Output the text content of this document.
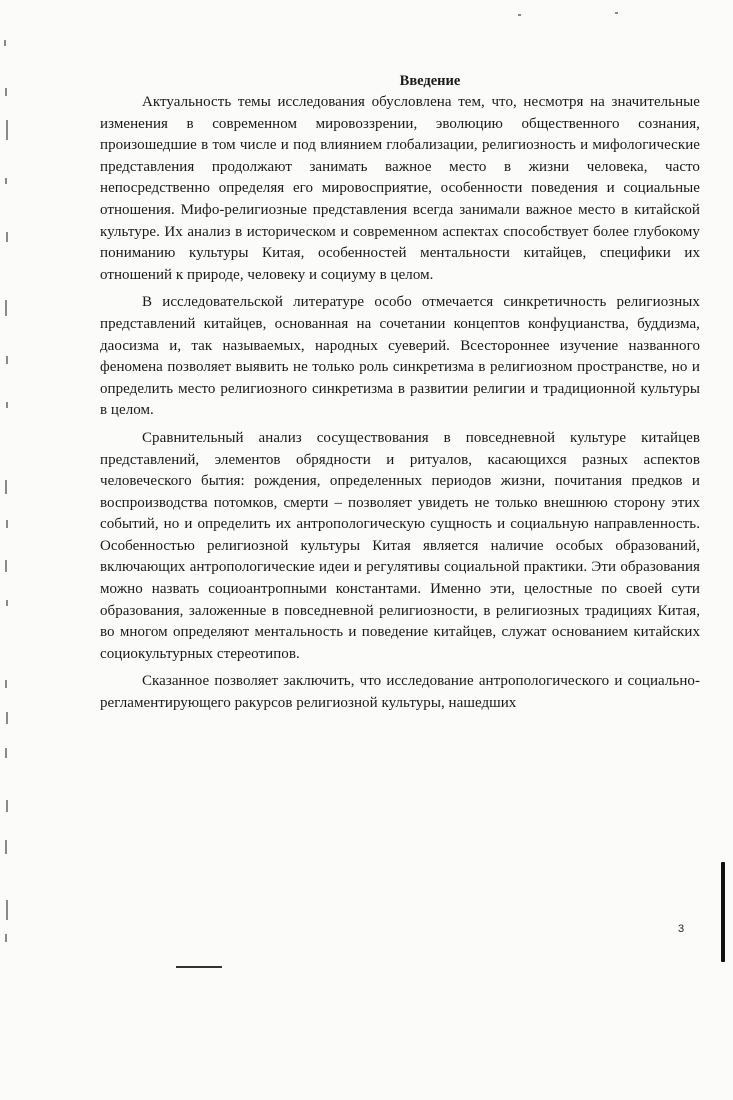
Введение

Актуальность темы исследования обусловлена тем, что, несмотря на значительные изменения в современном мировоззрении, эволюцию общественного сознания, произошедшие в том числе и под влиянием глобализации, религиозность и мифологические представления продолжают занимать важное место в жизни человека, часто непосредственно определяя его мировосприятие, особенности поведения и социальные отношения. Мифо-религиозные представления всегда занимали важное место в китайской культуре. Их анализ в историческом и современном аспектах способствует более глубокому пониманию культуры Китая, особенностей ментальности китайцев, специфики их отношений к природе, человеку и социуму в целом.

В исследовательской литературе особо отмечается синкретичность религиозных представлений китайцев, основанная на сочетании концептов конфуцианства, буддизма, даосизма и, так называемых, народных суеверий. Всестороннее изучение названного феномена позволяет выявить не только роль синкретизма в религиозном пространстве, но и определить место религиозного синкретизма в развитии религии и традиционной культуры в целом.

Сравнительный анализ сосуществования в повседневной культуре китайцев представлений, элементов обрядности и ритуалов, касающихся разных аспектов человеческого бытия: рождения, определенных периодов жизни, почитания предков и воспроизводства потомков, смерти – позволяет увидеть не только внешнюю сторону этих событий, но и определить их антропологическую сущность и социальную направленность. Особенностью религиозной культуры Китая является наличие особых образований, включающих антропологические идеи и регулятивы социальной практики. Эти образования можно назвать социоантропными константами. Именно эти, целостные по своей сути образования, заложенные в повседневной религиозности, в религиозных традициях Китая, во многом определяют ментальность и поведение китайцев, служат основанием китайских социокультурных стереотипов.

Сказанное позволяет заключить, что исследование антропологического и социально-регламентирующего ракурсов религиозной культуры, нашедших

3
